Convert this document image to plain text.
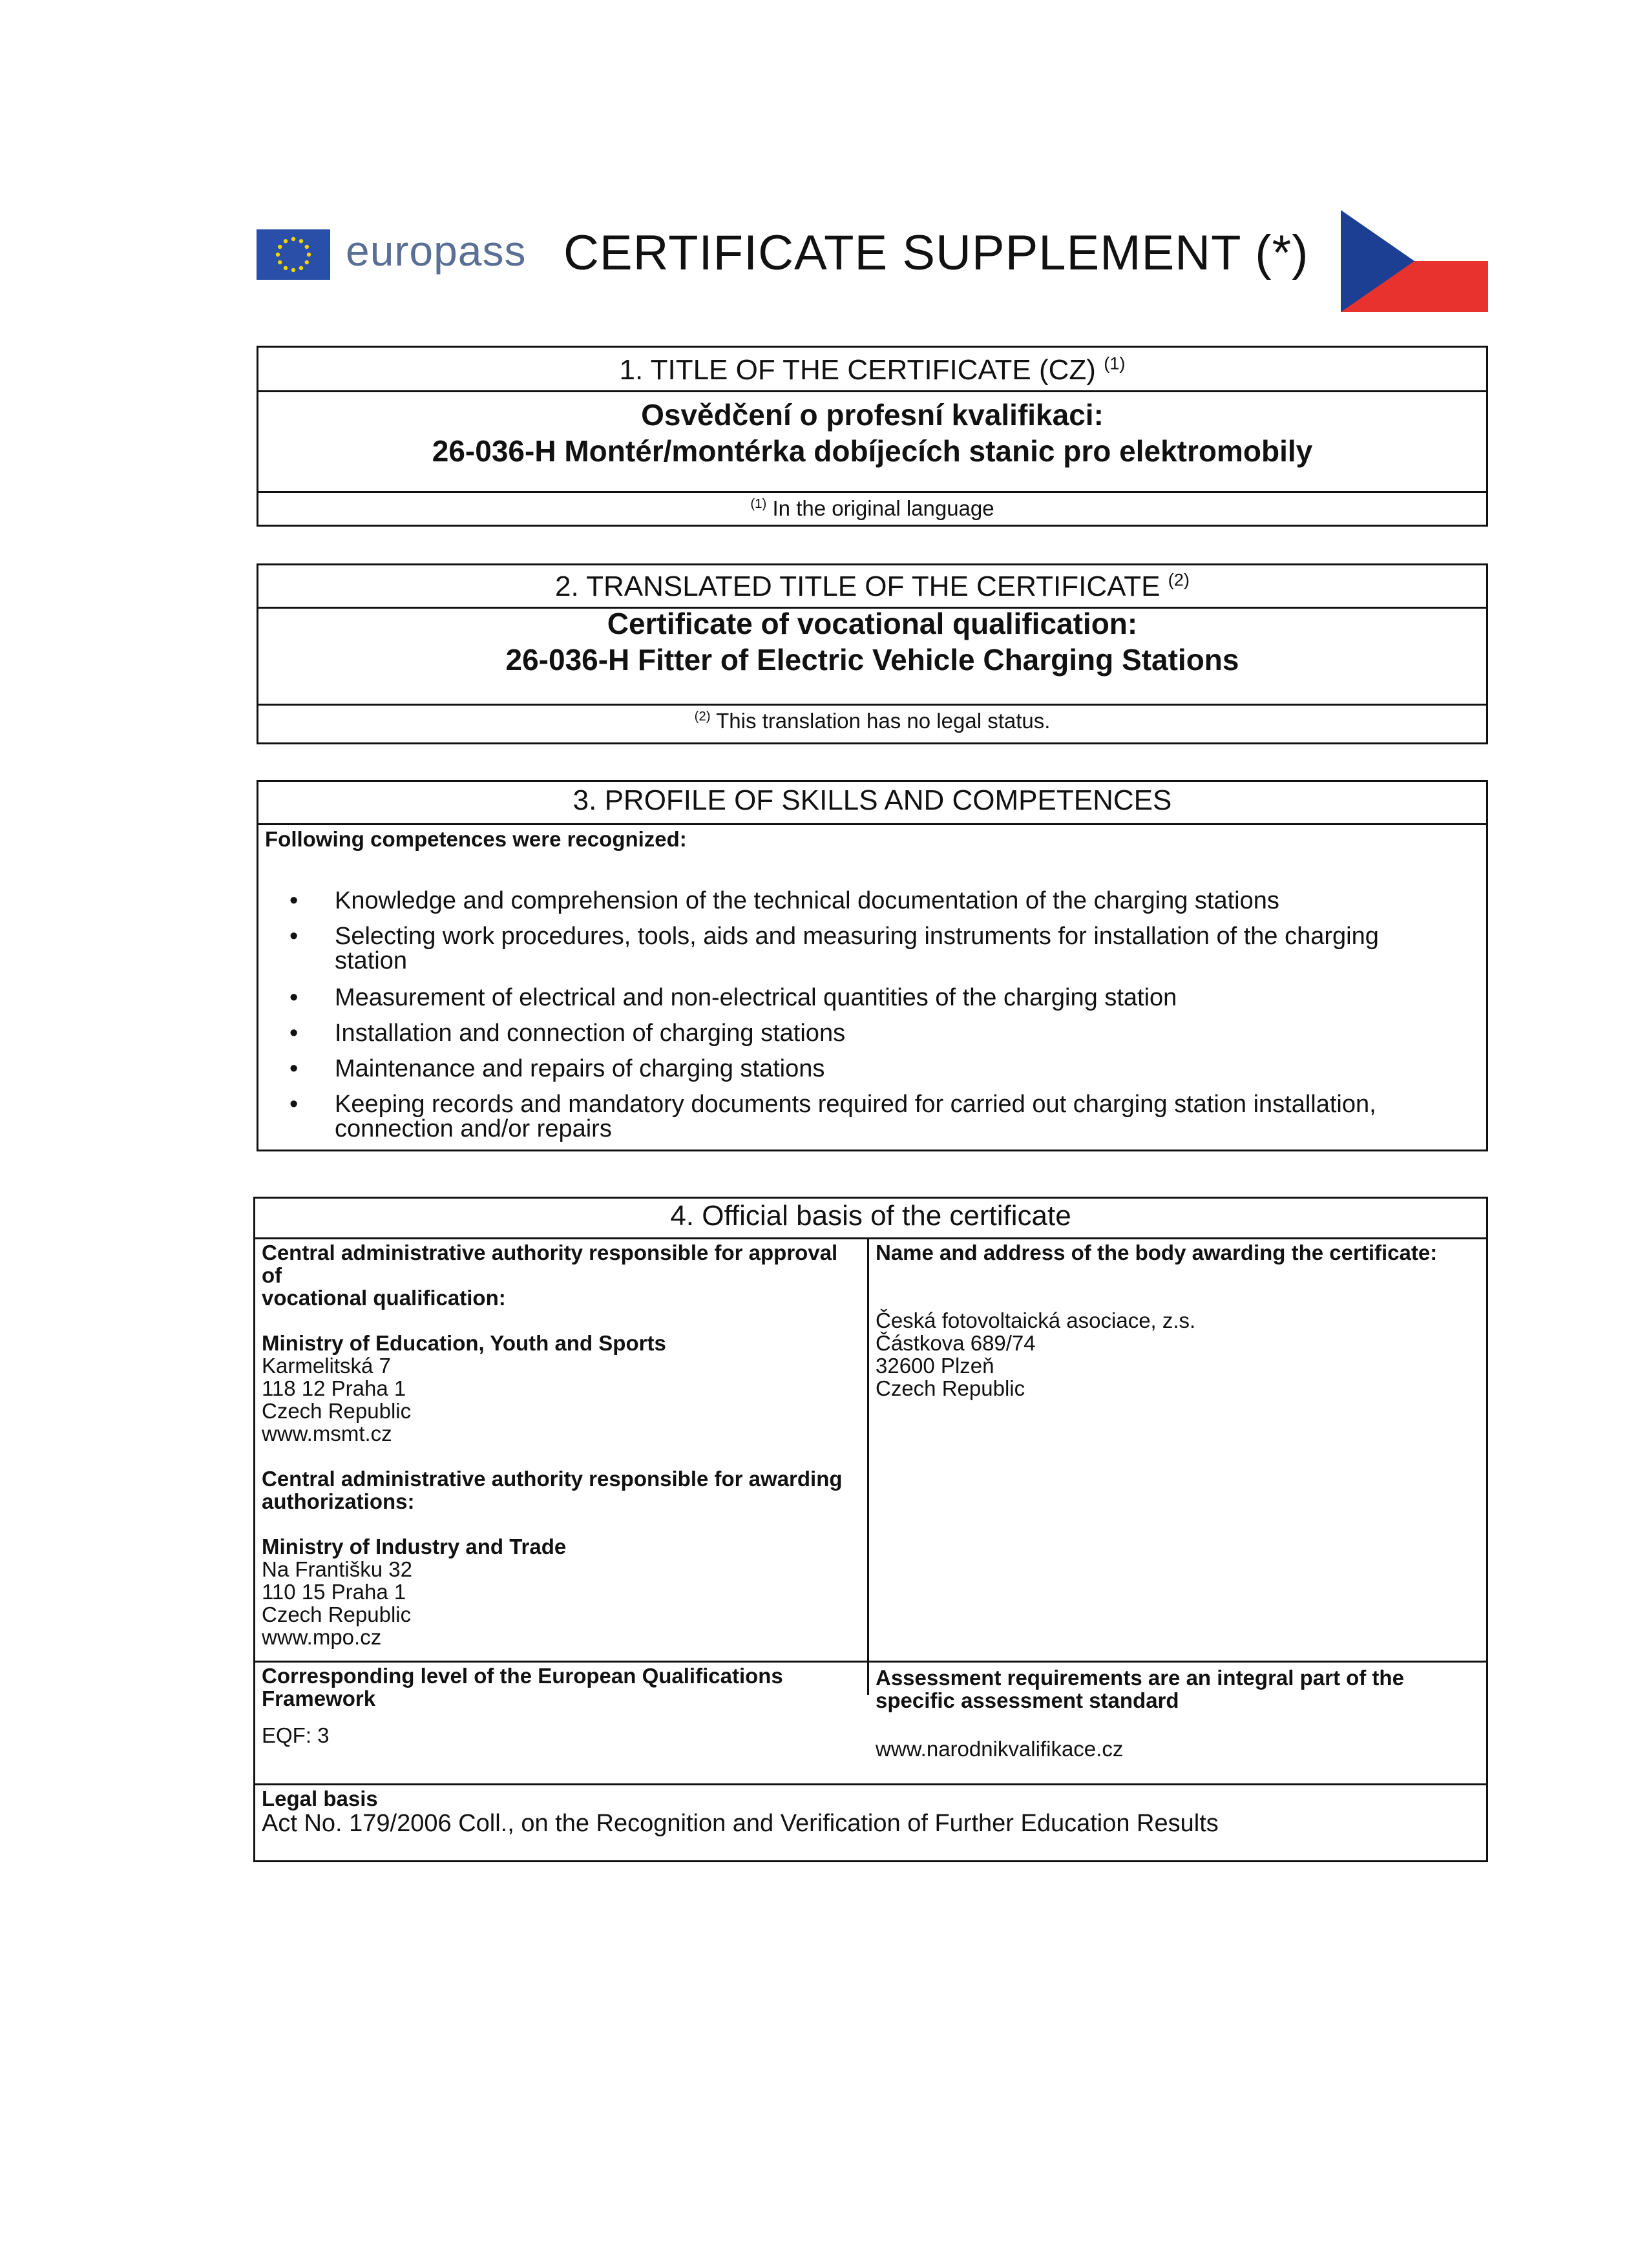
europass CERTIFICATE SUPPLEMENT (*)
1. TITLE OF THE CERTIFICATE (CZ) $^{(1)}$
Osvědčení o profesní kvalifikaci:
26-036-H Montér/montérka dobíjecích stanic pro elektromobily
$^{(1)}$ In the original language
2. TRANSLATED TITLE OF THE CERTIFICATE $^{(2)}$
Certificate of vocational qualification:
26-036-H Fitter of Electric Vehicle Charging Stations
$^{(2)}$ This translation has no legal status.
3. PROFILE OF SKILLS AND COMPETENCES
Following competences were recognized:
• Knowledge and comprehension of the technical documentation of the charging stations
• Selecting work procedures, tools, aids and measuring instruments for installation of the charging
station
• Measurement of electrical and non-electrical quantities of the charging station
• Installation and connection of charging stations
• Maintenance and repairs of charging stations
• Keeping records and mandatory documents required for carried out charging station installation,
connection and/or repairs
4. Official basis of the certificate
Central administrative authority responsible for approval of
vocational qualification:
Ministry of Education, Youth and Sports
Karmelitská 7
118 12 Praha 1
Czech Republic
www.msmt.cz
Central administrative authority responsible for awarding
authorizations:
Ministry of Industry and Trade
Na Františku 32
110 15 Praha 1
Czech Republic
www.mpo.cz
Name and address of the body awarding the certificate:
Česká fotovoltaická asociace, z.s.
Částkova 689/74
32600 Plzeň
Czech Republic
Corresponding level of the European Qualifications
Framework
EQF: 3
Assessment requirements are an integral part of the
specific assessment standard
www.narodnikvalifikace.cz
Legal basis
Act No. 179/2006 Coll., on the Recognition and Verification of Further Education Results
